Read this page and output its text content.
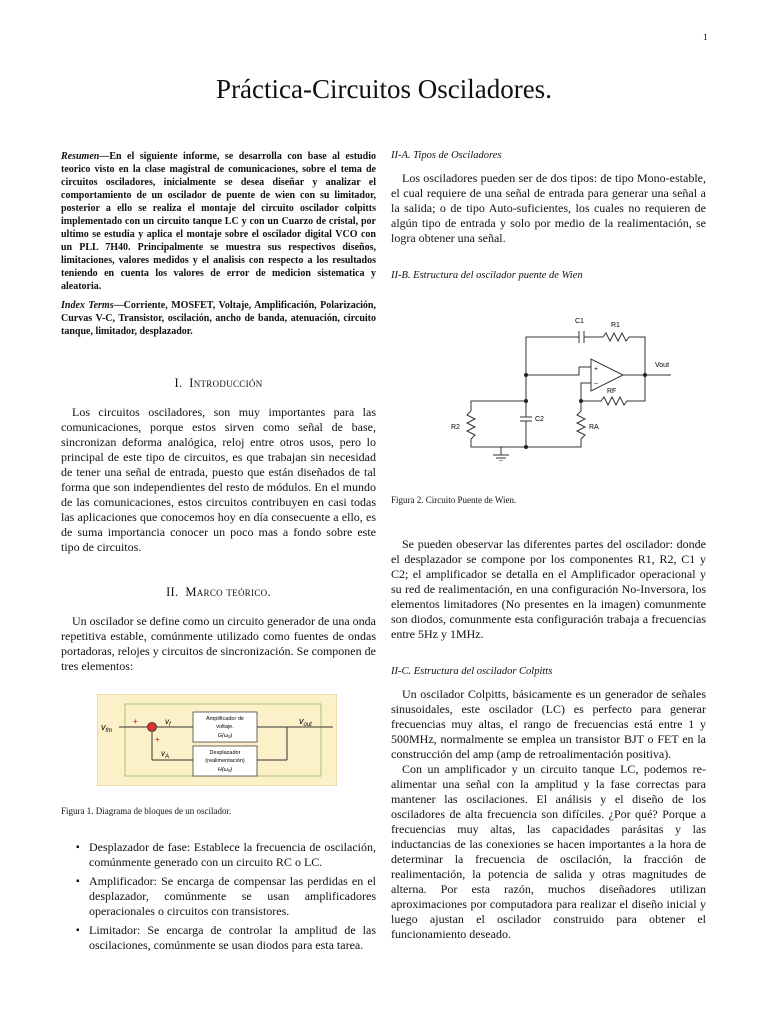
1
Práctica-Circuitos Osciladores.

Resumen—En el siguiente informe, se desarrolla con base al estudio teorico visto en la clase magistral de comunicaciones, sobre el tema de circuitos osciladores, inicialmente se desea diseñar y analizar el comportamiento de un oscilador de puente de wien con su limitador, posterior a ello se realiza el montaje del circuito oscilador colpitts implementado con un circuito tanque LC y con un Cuarzo de cristal, por ultimo se estudia y aplica el montaje sobre el oscilador digital VCO con un PLL 7H40. Principalmente se muestra sus respectivos diseños, limitaciones, valores medidos y el analisis con respecto a los resultados teniendo en cuenta los valores de error de medicion sistematica y aleatoria.

Index Terms—Corriente, MOSFET, Voltaje, Amplificación, Polarización, Curvas V-C, Transistor, oscilación, ancho de banda, atenuación, circuito tanque, limitador, desplazador.

I. Introducción

Los circuitos osciladores, son muy importantes para las comunicaciones, porque estos sirven como señal de base, sincronizan deforma analógica, reloj entre otros usos, pero lo principal de este tipo de circuitos, es que trabajan sin necesidad de tener una señal de entrada, puesto que están diseñados de tal forma que son independientes del resto de módulos. En el mundo de las comunicaciones, estos circuitos contribuyen en casi todas las aplicaciones que conocemos hoy en día consecuente a ello, es de suma importancia conocer un poco mas a fondo sobre este tipo de circuitos.

II. Marco teórico.

Un oscilador se define como un circuito generador de una onda repetitiva estable, comúnmente utilizado como fuentes de ondas portadoras, relojes y circuitos de sincronización. Se componen de tres elementos:

$v_{fm}$
+
+
$v_f$
Amplificador de
voltaje.
G(ω₀)
$v_{out}$
Desplazador
(realimentación)
H(ω₀)
$v_A$

Figura 1. Diagrama de bloques de un oscilador.

▪ Desplazador de fase: Establece la frecuencia de oscilación, comúnmente generado con un circuito RC o LC.
▪ Amplificador: Se encarga de compensar las perdidas en el desplazador, comúnmente se usan amplificadores operacionales o circuitos con transistores.
▪ Limitador: Se encarga de controlar la amplitud de las oscilaciones, comúnmente se usan diodos para esta tarea.
II-A. Tipos de Osciladores

Los osciladores pueden ser de dos tipos: de tipo Mono-estable, el cual requiere de una señal de entrada para generar una señal a la salida; o de tipo Auto-suficientes, los cuales no requieren de algún tipo de entrada y solo por medio de la realimentación, se logra obtener una señal.

II-B. Estructura del oscilador puente de Wien
C1
R1
Vout
RF
R2
C2
RA
+
−

Figura 2. Circuito Puente de Wien.

Se pueden obeservar las diferentes partes del oscilador: donde el desplazador se compone por los componentes R1, R2, C1 y C2; el amplificador se detalla en el Amplificador operacional y su red de realimentación, en una configuración No-Inversora, los elementos limitadores (No presentes en la imagen) comunmente son diodos, comunmente esta configuración trabaja a frecuencias entre 5Hz y 1MHz.

II-C. Estructura del oscilador Colpitts

Un oscilador Colpitts, básicamente es un generador de señales sinusoidales, este oscilador (LC) es perfecto para generar frecuencias muy altas, el rango de frecuencias está entre 1 y 500MHz, normalmente se emplea un transistor BJT o FET en la construcción del amp (amp de retroalimentación positiva).

Con un amplificador y un circuito tanque LC, podemos re-alimentar una señal con la amplitud y la fase correctas para mantener las oscilaciones. El análisis y el diseño de los osciladores de alta frecuencia son difíciles. ¿Por qué? Porque a frecuencias muy altas, las capacidades parásitas y las inductancias de las conexiones se hacen importantes a la hora de determinar la frecuencia de oscilación, la fracción de realimentación, la potencia de salida y otras magnitudes de alterna. Por esta razón, muchos diseñadores utilizan aproximaciones por computadora para realizar el diseño inicial y luego ajustan el oscilador construido para obtener el funcionamiento deseado.
